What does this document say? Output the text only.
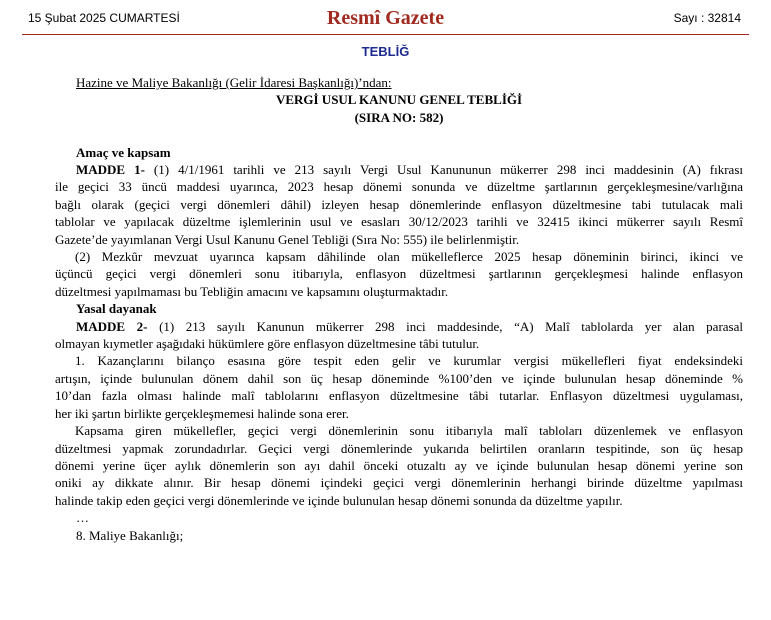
15 Şubat 2025 CUMARTESİ	Resmî Gazete	Sayı : 32814
TEBLİĞ
Hazine ve Maliye Bakanlığı (Gelir İdaresi Başkanlığı)’ndan:
VERGİ USUL KANUNU GENEL TEBLİĞİ
(SIRA NO: 582)
Amaç ve kapsam
MADDE 1- (1) 4/1/1961 tarihli ve 213 sayılı Vergi Usul Kanununun mükerrer 298 inci maddesinin (A) fıkrası
ile geçici 33 üncü maddesi uyarınca, 2023 hesap dönemi sonunda ve düzeltme şartlarının gerçekleşmesine/varlığına
bağlı olarak (geçici vergi dönemleri dâhil) izleyen hesap dönemlerinde enflasyon düzeltmesine tabi tutulacak mali
tablolar ve yapılacak düzeltme işlemlerinin usul ve esasları 30/12/2023 tarihli ve 32415 ikinci mükerrer sayılı Resmî
Gazete’de yayımlanan Vergi Usul Kanunu Genel Tebliği (Sıra No: 555) ile belirlenmiştir.
(2) Mezkûr mevzuat uyarınca kapsam dâhilinde olan mükelleflerce 2025 hesap döneminin birinci, ikinci ve
üçüncü geçici vergi dönemleri sonu itibarıyla, enflasyon düzeltmesi şartlarının gerçekleşmesi halinde enflasyon
düzeltmesi yapılmaması bu Tebliğin amacını ve kapsamını oluşturmaktadır.
Yasal dayanak
MADDE 2- (1) 213 sayılı Kanunun mükerrer 298 inci maddesinde, “A) Malî tablolarda yer alan parasal
olmayan kıymetler aşağıdaki hükümlere göre enflasyon düzeltmesine tâbi tutulur.
1. Kazançlarını bilanço esasına göre tespit eden gelir ve kurumlar vergisi mükellefleri fiyat endeksindeki
artışın, içinde bulunulan dönem dahil son üç hesap döneminde %100’den ve içinde bulunulan hesap döneminde %
10’dan fazla olması halinde malî tablolarını enflasyon düzeltmesine tâbi tutarlar. Enflasyon düzeltmesi uygulaması,
her iki şartın birlikte gerçekleşmemesi halinde sona erer.
Kapsama giren mükellefler, geçici vergi dönemlerinin sonu itibarıyla malî tabloları düzenlemek ve enflasyon
düzeltmesi yapmak zorundadırlar. Geçici vergi dönemlerinde yukarıda belirtilen oranların tespitinde, son üç hesap
dönemi yerine üçer aylık dönemlerin son ayı dahil önceki otuzaltı ay ve içinde bulunulan hesap dönemi yerine son
oniki ay dikkate alınır. Bir hesap dönemi içindeki geçici vergi dönemlerinin herhangi birinde düzeltme yapılması
halinde takip eden geçici vergi dönemlerinde ve içinde bulunulan hesap dönemi sonunda da düzeltme yapılır.
…
8. Maliye Bakanlığı;
